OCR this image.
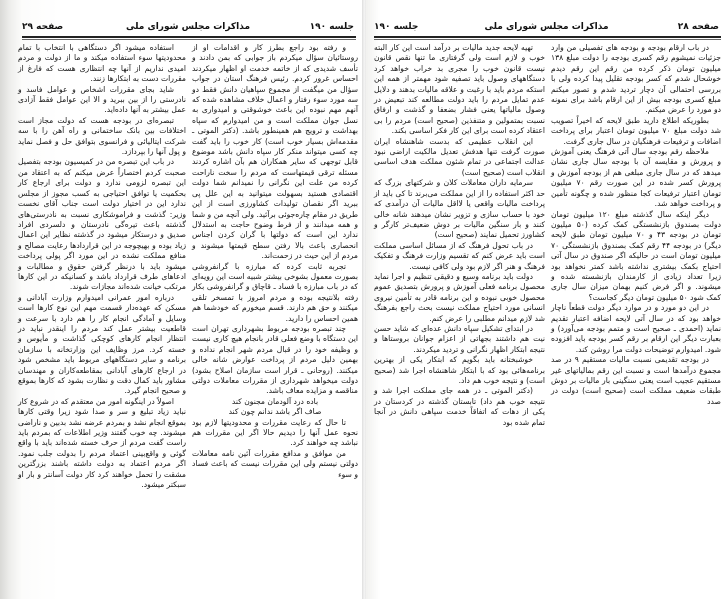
صفحه ۲۹	مذاکرات مجلس شورای ملی	جلسه ۱۹۰

و رفته بود راجع بطرز کار و اقدامات او از روستائیان سؤال میکردم باز جوابی که بمن دادند و تأسف شدیدی که از خاتمه خدمت او اظهار میکردند احساس غرور کردم. رئیس فرهنگ استان در جواب سؤال من میگفت از مجموع سپاهیان دانش فقط دو سه مورد سوء رفتار و اعمال خلاف مشاهده شده که آنهم مهم نبوده این باعث خوشوقتی و امیدواری به نسل جوان مملکت است و من امیدوارم که سپاه بهداشت و ترویج هم همینطور باشد. (دکتر الموتی ـ مقدمه‌اش بسیار خوب است) کار خوب را باید گفت چه کسی میتواند منکر کار سپاه دانش باشد موضوع قابل توجهی که سایر همکاران هم بآن اشاره کردند مسئله ترقی قیمتهاست که مردم را سخت ناراحت کرده من علت این نگرانی را نمیدانم شما دولت اقتصادی هستید بسهولت میتوانید به این علل پی ببرید اگر نقصان تولیدات کشاورزی است از این طریق در مقام چاره‌جوئی برآئید. ولی آنچه من و شما و همه میدانند و از فرط وضوح حاجت به استدلال ندارد این است که دولتها با گران کردن اجناس انحصاری باعث بالا رفتن سطح قیمتها میشوند و مردم از این حیث در زحمت‌اند.

تجربه ثابت کرده که مبارزه با گرانفروشی بصورت معمول بشوخی بیشتر شبیه است این رویه‌ای که در باب مبارزه با فساد ـ قاچاق و گرانفروشی بکار رفته بلانتیجه بوده و مردم امروز با تمسخر تلقی میکنند و حق هم دارند. قسم میخورم که خودشما هم همین احساس را دارید.

چند تبصره بودجه مربوط بشهرداری تهران است این دستگاه با وضع فعلی قادر بانجام هیچ کاری نیست و وظیفه خود را در قبال مردم شهر انجام نداده و بهمین دلیل مردم از پرداخت عوارض شانه خالی میکنند. (روحانی ـ قرار است سازمان اصلاح بشود) دولت میخواهد شهرداری از مقررات معاملات دولتی مناقصه و مزایده معاف باشد.

باده درد آلودمان مجنون کند

صاف اگر باشد ندانم چون کند

تا حال که رعایت مقررات و محدودیتها لازم بود نحوه عمل آنها را دیدیم حالا اگر این مقررات هم نباشد چه خواهند کرد.

من موافق و مدافع مقررات آئین نامه معاملات دولتی نیستم ولی این مقررات نیست که باعث فساد و سوء

استفاده میشود اگر دستگاهی با انتخاب با تمام محدودیتها سوء استفاده میکند و ما از دولت و مردم امیدی نداریم از آنها چه انتظاری هست که فارغ از مقررات دست به ابتکارها زنند.

شاید بجای مقررات اشخاص و عوامل فاسد و نادرستی را از بین ببرید و الا این عوامل فقط آزادی عمل بیشتر به آنها داده‌اید.

تبصره‌ای در بودجه هست که دولت مجاز است اختلافات بین بانک ساختمانی و راه آهن را با سه شرکت ایتالیائی و فرانسوی بتوافق حل و فصل نماید و پول آنها را بپردازد.

در باب این تبصره من در کمیسیون بودجه بتفصیل صحبت کردم اختصاراً عرض میکنم که به اعتقاد من این تبصره لزومی ندارد و دولت برای ارجاع کار بحکمیت یا توافق احتیاجی به کسب مجوز از مجلس ندارد این در اختیار دولت است جناب آقای نخست وزیر: گذشت و فراموشکاری نسبت به نادرستی‌های گذشته باعث تیره‌گی نادرستان و دلسردی افراد صدیق و درستکار میشود در گذشته نظایر این اعمال زیاد بوده و بهیچوجه در این قراردادها رعایت مصالح و منافع مملکت نشده در این مورد اگر پولی پرداخت میشود باید با درنظر گرفتن حقوق و مطالبات و ادعاهای طرف قرارداد باشد و کسانیکه در این کارها مرتکب خیانت شده‌اند مجازات شوند.

درباره امور عمرانی امیدوارم وزارت آبادانی و مسکن که عهده‌دار قسمت مهم این نوع کارها است وسایل و آمادگی انجام کار را هم دارد با سرعت و قاطعیت بیشتر عمل کند مردم را اینقدر نباید در انتظار انجام کارهای کوچکی گذاشت و مأیوس و خسته کرد. مرز وظایف این وزارتخانه با سازمان برنامه و سایر دستگاههای مربوط باید مشخص شود در ارجاع کارهای آبادانی بمقاطعه‌کاران و مهندسان مشاور باید کمال دقت و نظارت بشود که کارها بموقع و صحیح انجام گیرد.

اصولاً در اینگونه امور من معتقدم که در شروع کار نباید زیاد تبلیغ و سر و صدا شود زیرا وقتی کارها بموقع انجام نشد و بمردم عرضه نشد بدبین و ناراضی میشوند. چه خوب گفتند وزیر اطلاعات که بمردم باید راست گفت مردم از حرف خسته شده‌اند باید با واقع گوئی و واقع‌بینی اعتماد مردم را بدولت جلب نمود. اگر مردم اعتماد به دولت داشته باشند بزرگترین مشقت را تحمل خواهند کرد کار دولت آسانتر و بار او سبکتر میشود.

جلسه ۱۹۰	مذاکرات مجلس شورای ملی	صفحه ۲۸

در باب ارقام بودجه و بودجه های تفصیلی من وارد جزئیات نمیشوم رقم کسری بودجه را دولت مبلغ ۱۳۸ میلیون تومان ذکر کرده من رقم این رقم دیدم خوشحال شدم که کسر بودجه تقلیل پیدا کرده ولی با بررسی احتمالی آن دچار تردید شدم و تصور میکنم مبلغ کسری بودجه بیش از این ارقام باشد برای نمونه دو مورد را عرض میکنم.

بطوریکه اطلاع دارید طبق لایحه که اخیراً تصویب شد دولت مبلغ ۷۰ میلیون تومان اعتبار برای پرداخت اضافات و ترفیعات فرهنگیان در سال جاری گرفت.

ملاحظه رقم بودجه سال آتی فرهنگ یعنی آموزش و پرورش و مقایسه آن با بودجه سال جاری نشان میدهد که در سال جاری مبلغی هم از بودجه آموزش و پرورش کسر شده در این صورت رقم ۷۰ میلیون تومان اعتبار ترفیعات کجا منظور شده و چگونه تأمین و پرداخت خواهد شد.

دیگر اینکه سال گذشته مبلغ ۱۲۰ میلیون تومان دولت بصندوق بازنشستگی کمک کرده (۵۰ میلیون تومان در بودجه ۴۳ و ۷۰ میلیون تومان طبق لایحه دیگر) در بودجه ۴۴ رقم کمک بصندوق بازنشستگی ۷۰ میلیون تومان است در حالیکه اگر صندوق در سال آتی احتیاج بکمک بیشتری نداشته باشد کمتر نخواهد بود زیرا تعداد زیادی از کارمندان بازنشسته شده و میشوند. و اگر فرض کنیم بهمان میزان سال جاری کمک شود ۵۰ میلیون تومان دیگر کجاست؟

در این دو مورد و در موارد دیگر دولت قطعاً ناچار خواهد بود که در سال آتی لایحه اضافه اعتبار تقدیم نماید (احمدی ـ صحیح است و متمم بودجه می‌آورد) و بعبارت دیگر این ارقام بر رقم کسر بودجه باید افزوده شود. امیدوارم توضیحات دولت مرا روشن کند.

در بودجه تقدیمی نسبت مالیات مستقیم ۹ در صد مجموع درآمدها است و نسبت این رقم بمالیاتهای غیر مستقیم عجیب است یعنی سنگینی بار مالیات بر دوش طبقات ضعیف مملکت است (صحیح است) دولت در صدد

تهیه لایحه جدید مالیات بر درآمد است این کار البته خوب و لازم است ولی گرفتاری ما تنها نقص قانون نیست قانون خوب را مجری بد خراب خواهد کرد دستگاههای وصول باید تصفیه شود مهمتر از همه این استکه مردم باید با رغبت و علاقه مالیات بدهند و دلایل عدم تمایل مردم را باید دولت مطالعه کند تبعیض در وصول مالیاتها یعنی فشار بضعفا و گذشت و ارفاق نسبت بمتمولین و متنفذین (صحیح است) مردم را بی اعتقاد کرده است برای این کار فکر اساسی بکند.

این انقلاب عظیمی که بدست شاهنشاه ایران صورت گرفت تنها هدفش تعدیل مالکیت اراضی نبود عدالت اجتماعی در تمام شئون مملکت هدف اساسی انقلاب است (صحیح است)

سرمایه داران معاملات کلان و شرکتهای بزرگ که حد اکثر استفاده را از این مملکت می‌برند تا کی باید از پرداخت مالیات واقعی یا لااقل مالیات آن درآمدی که خود با حساب سازی و تزویر نشان میدهند شانه خالی کنند و بار سنگین مالیات بر دوش ضعیف‌تر کارگر و کشاورز تحمیل نمایند (صحیح است)

در باب تحول فرهنگ که از مسائل اساسی مملکت است باید عرض کنم که تقسیم وزارت فرهنگ و تفکیک فرهنگ و هنر اگر لازم بود ولی کافی نیست.

دولت باید برنامه وسیع و دقیقی تنظیم و اجرا نماید محصول برنامه فعلی آموزش و پرورش بتصدیق عموم محصول خوبی نبوده و این برنامه قادر به تأمین نیروی انسانی مورد احتیاج مملکت نیست بحث راجع بفرهنگ شد لازم میدانم مطلبی را عرض کنم.

در ابتدای تشکیل سپاه دانش عده‌ای که شاید حسن نیت هم داشتند بجهاتی از اعزام جوانان بروستاها و نتیجه ابتکار اظهار نگرانی و تردید میکردند.

خوشبختانه باید بگویم که ابتکار یکی از بهترین برنامه‌هائی بود که با ابتکار شاهنشاه اجرا شد (صحیح است) و نتیجه خوب هم داد.

(دکتر الموتی ـ در همه جای مملکت اجرا شد و نتیجه خوب هم داد) تابستان گذشته در کردستان در یکی از دهات که اتفاقاً خدمت سپاهی دانش در آنجا تمام شده بود
